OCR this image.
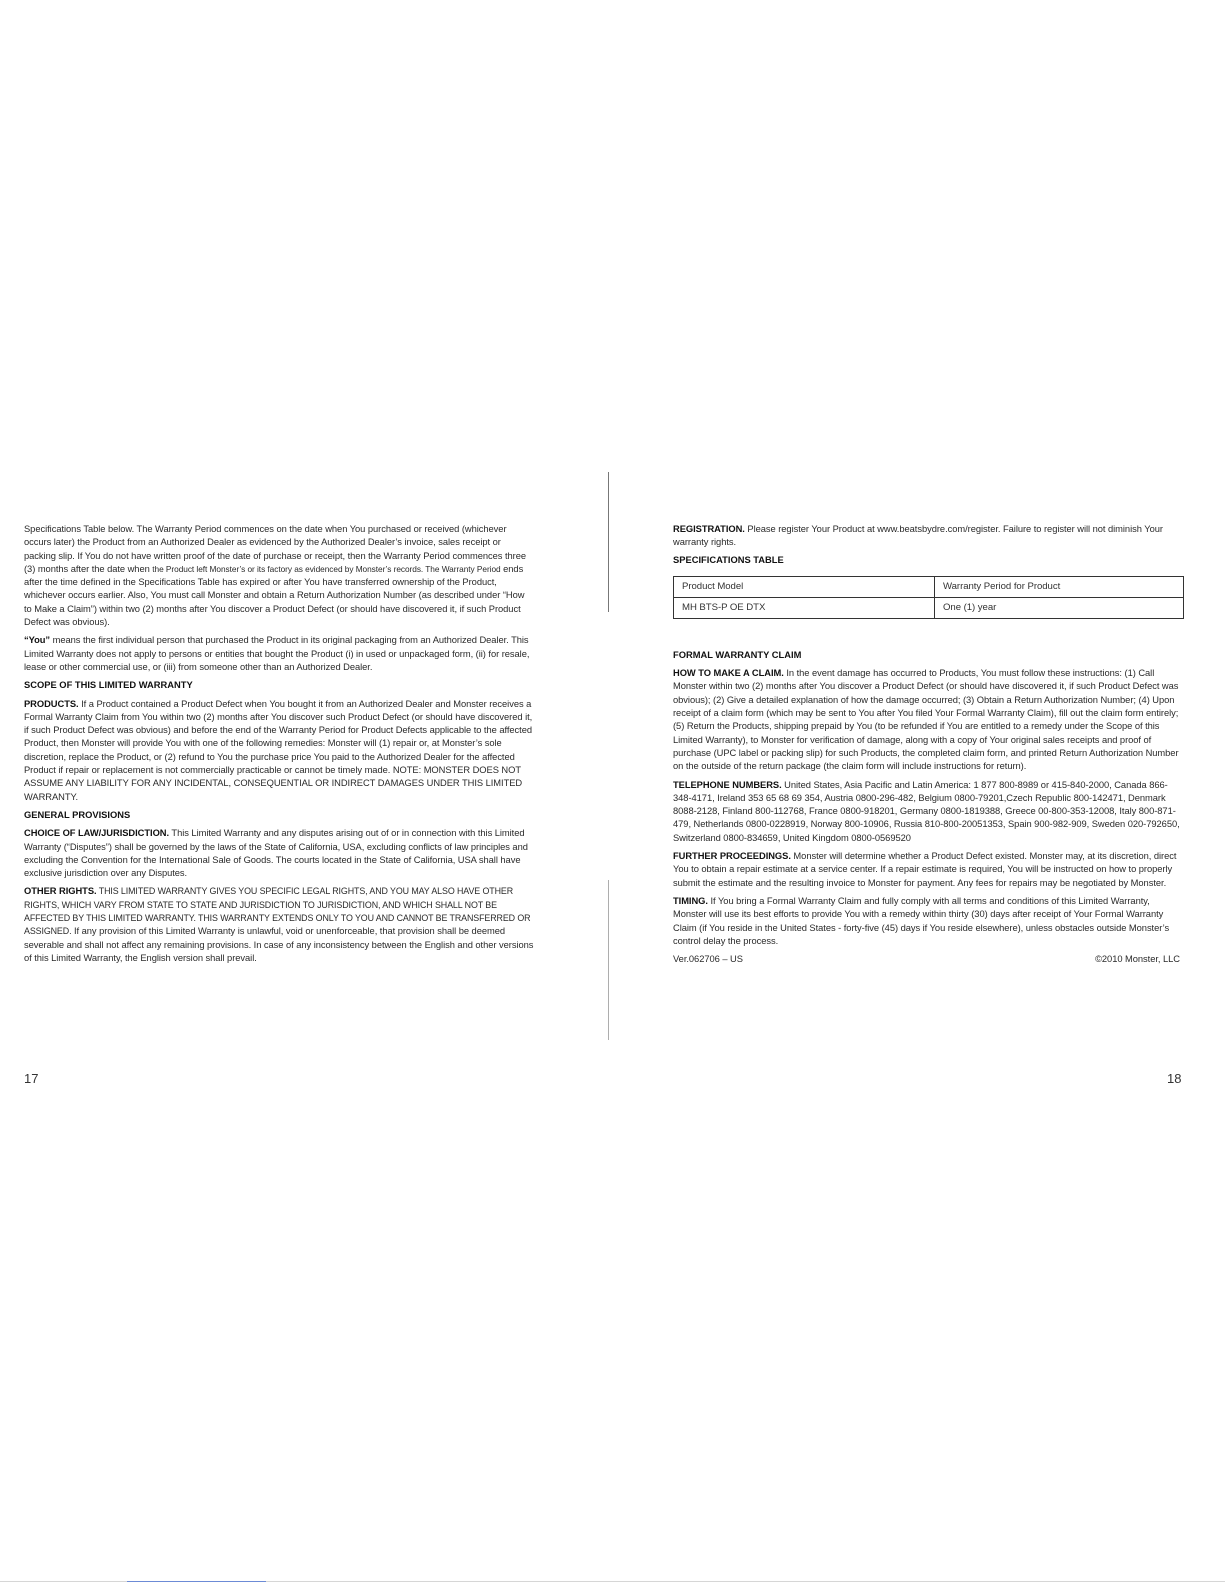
Specifications Table below. The Warranty Period commences on the date when You purchased or received (whichever occurs later) the Product from an Authorized Dealer as evidenced by the Authorized Dealer’s invoice, sales receipt or packing slip. If You do not have written proof of the date of purchase or receipt, then the Warranty Period commences three (3) months after the date when the Product left Monster’s or its factory as evidenced by Monster’s records. The Warranty Period ends after the time defined in the Specifications Table has expired or after You have transferred ownership of the Product, whichever occurs earlier. Also, You must call Monster and obtain a Return Authorization Number (as described under “How to Make a Claim”) within two (2) months after You discover a Product Defect (or should have discovered it, if such Product Defect was obvious).

“You” means the first individual person that purchased the Product in its original packaging from an Authorized Dealer. This Limited Warranty does not apply to persons or entities that bought the Product (i) in used or unpackaged form, (ii) for resale, lease or other commercial use, or (iii) from someone other than an Authorized Dealer.

SCOPE OF THIS LIMITED WARRANTY

PRODUCTS. If a Product contained a Product Defect when You bought it from an Authorized Dealer and Monster receives a Formal Warranty Claim from You within two (2) months after You discover such Product Defect (or should have discovered it, if such Product Defect was obvious) and before the end of the Warranty Period for Product Defects applicable to the affected Product, then Monster will provide You with one of the following remedies: Monster will (1) repair or, at Monster’s sole discretion, replace the Product, or (2) refund to You the purchase price You paid to the Authorized Dealer for the affected Product if repair or replacement is not commercially practicable or cannot be timely made. NOTE: MONSTER DOES NOT ASSUME ANY LIABILITY FOR ANY INCIDENTAL, CONSEQUENTIAL OR INDIRECT DAMAGES UNDER THIS LIMITED WARRANTY.

GENERAL PROVISIONS

CHOICE OF LAW/JURISDICTION. This Limited Warranty and any disputes arising out of or in connection with this Limited Warranty (“Disputes”) shall be governed by the laws of the State of California, USA, excluding conflicts of law principles and excluding the Convention for the International Sale of Goods. The courts located in the State of California, USA shall have exclusive jurisdiction over any Disputes.

OTHER RIGHTS. THIS LIMITED WARRANTY GIVES YOU SPECIFIC LEGAL RIGHTS, AND YOU MAY ALSO HAVE OTHER RIGHTS, WHICH VARY FROM STATE TO STATE AND JURISDICTION TO JURISDICTION, AND WHICH SHALL NOT BE AFFECTED BY THIS LIMITED WARRANTY. THIS WARRANTY EXTENDS ONLY TO YOU AND CANNOT BE TRANSFERRED OR ASSIGNED. If any provision of this Limited Warranty is unlawful, void or unenforceable, that provision shall be deemed severable and shall not affect any remaining provisions. In case of any inconsistency between the English and other versions of this Limited Warranty, the English version shall prevail.

17

REGISTRATION. Please register Your Product at www.beatsbydre.com/register. Failure to register will not diminish Your warranty rights.

SPECIFICATIONS TABLE
Product Model	Warranty Period for Product
MH BTS-P OE DTX	One (1) year
FORMAL WARRANTY CLAIM

HOW TO MAKE A CLAIM. In the event damage has occurred to Products, You must follow these instructions: (1) Call Monster within two (2) months after You discover a Product Defect (or should have discovered it, if such Product Defect was obvious); (2) Give a detailed explanation of how the damage occurred; (3) Obtain a Return Authorization Number; (4) Upon receipt of a claim form (which may be sent to You after You filed Your Formal Warranty Claim), fill out the claim form entirely; (5) Return the Products, shipping prepaid by You (to be refunded if You are entitled to a remedy under the Scope of this Limited Warranty), to Monster for verification of damage, along with a copy of Your original sales receipts and proof of purchase (UPC label or packing slip) for such Products, the completed claim form, and printed Return Authorization Number on the outside of the return package (the claim form will include instructions for return).

TELEPHONE NUMBERS. United States, Asia Pacific and Latin America: 1 877 800-8989 or 415-840-2000, Canada 866-348-4171, Ireland 353 65 68 69 354, Austria 0800-296-482, Belgium 0800-79201,Czech Republic 800-142471, Denmark 8088-2128, Finland 800-112768, France 0800-918201, Germany 0800-1819388, Greece 00-800-353-12008, Italy 800-871-479, Netherlands 0800-0228919, Norway 800-10906, Russia 810-800-20051353, Spain 900-982-909, Sweden 020-792650, Switzerland 0800-834659, United Kingdom 0800-0569520

FURTHER PROCEEDINGS. Monster will determine whether a Product Defect existed. Monster may, at its discretion, direct You to obtain a repair estimate at a service center. If a repair estimate is required, You will be instructed on how to properly submit the estimate and the resulting invoice to Monster for payment. Any fees for repairs may be negotiated by Monster.

TIMING. If You bring a Formal Warranty Claim and fully comply with all terms and conditions of this Limited Warranty, Monster will use its best efforts to provide You with a remedy within thirty (30) days after receipt of Your Formal Warranty Claim (if You reside in the United States - forty-five (45) days if You reside elsewhere), unless obstacles outside Monster’s control delay the process.

Ver.062706 – US	©2010 Monster, LLC
18
